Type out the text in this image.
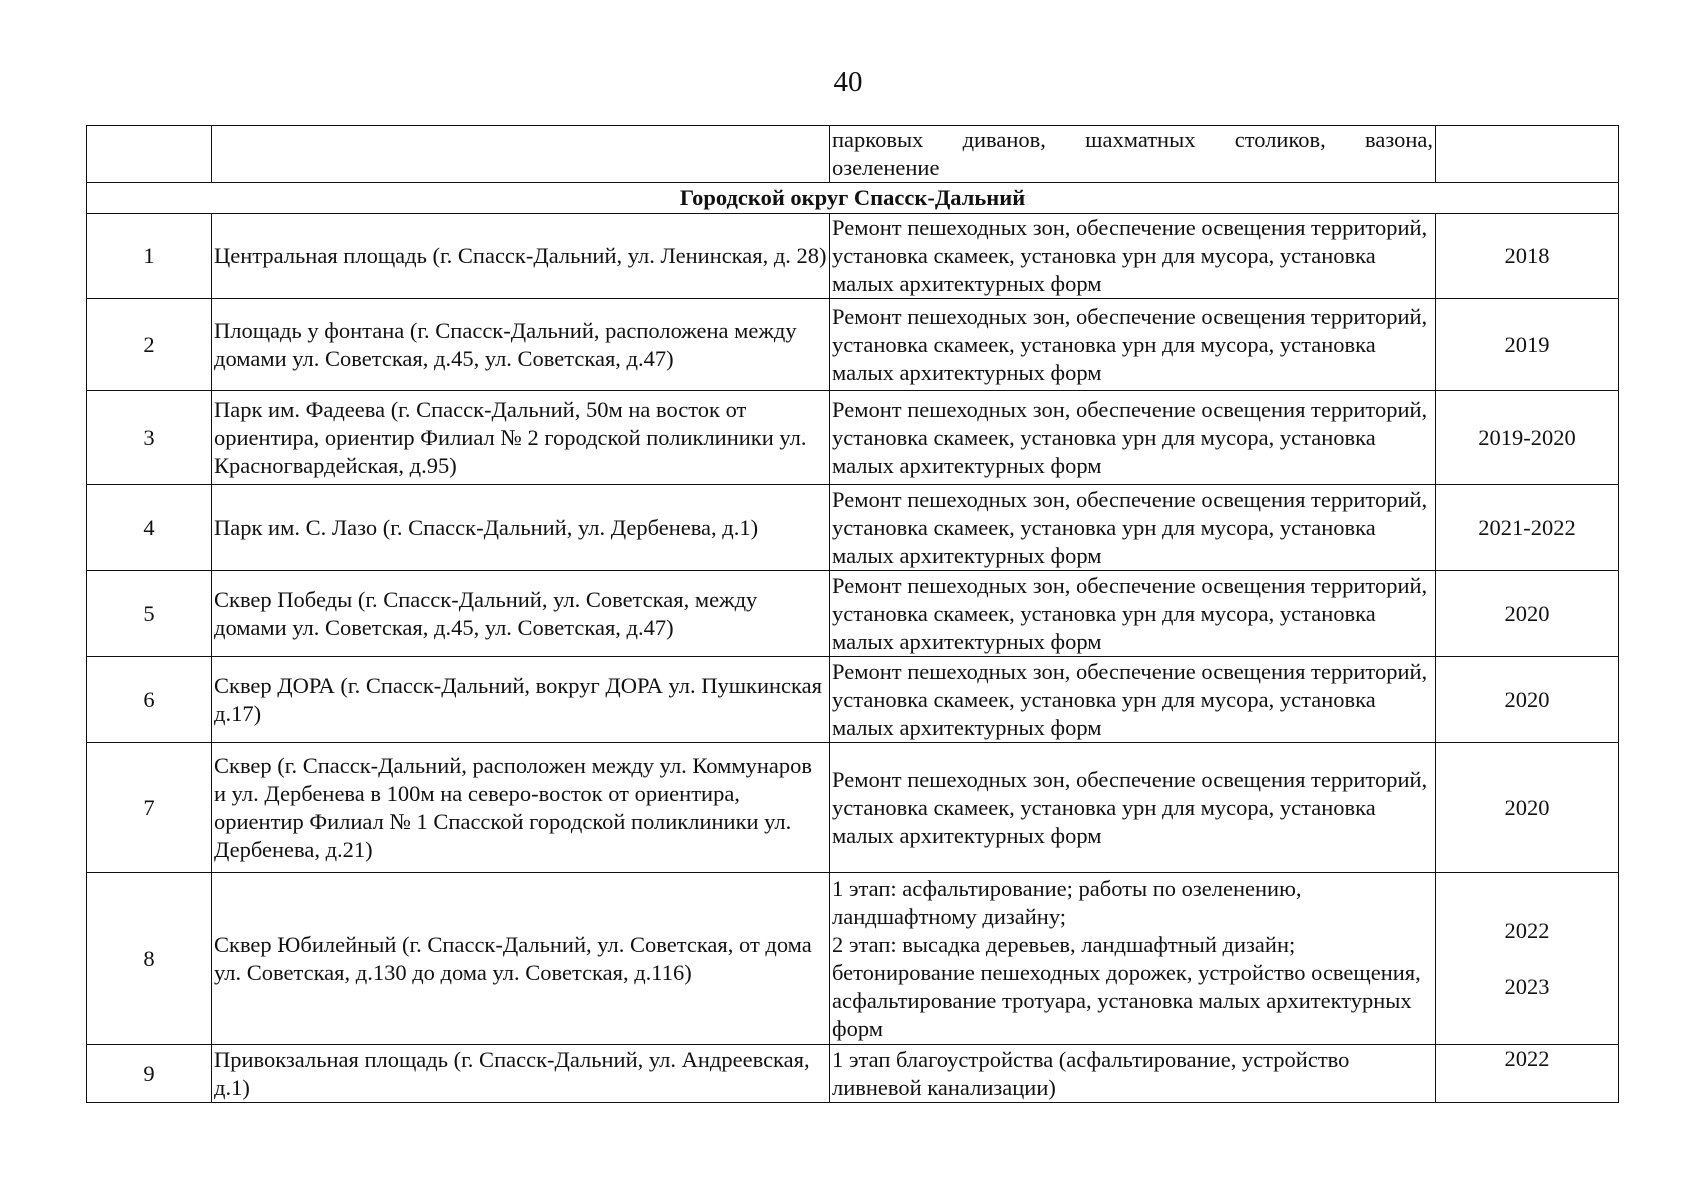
40

		парковых диванов, шахматных столиков, вазона,
озеленение	

Городской округ Спасск-Дальний			
1	Центральная площадь (г. Спасск-Дальний, ул. Ленинская, д. 28)	Ремонт пешеходных зон, обеспечение освещения территорий, установка скамеек, установка урн для мусора, установка малых архитектурных форм	2018
2	Площадь у фонтана (г. Спасск-Дальний, расположена между домами ул. Советская, д.45, ул. Советская, д.47)	Ремонт пешеходных зон, обеспечение освещения территорий, установка скамеек, установка урн для мусора, установка малых архитектурных форм	2019
3	Парк им. Фадеева (г. Спасск-Дальний, 50м на восток от ориентира, ориентир Филиал № 2 городской поликлиники ул. Красногвардейская, д.95)	Ремонт пешеходных зон, обеспечение освещения территорий, установка скамеек, установка урн для мусора, установка малых архитектурных форм	2019-2020
4	Парк им. С. Лазо (г. Спасск-Дальний, ул. Дербенева, д.1)	Ремонт пешеходных зон, обеспечение освещения территорий, установка скамеек, установка урн для мусора, установка малых архитектурных форм	2021-2022
5	Сквер Победы (г. Спасск-Дальний, ул. Советская, между домами ул. Советская, д.45, ул. Советская, д.47)	Ремонт пешеходных зон, обеспечение освещения территорий, установка скамеек, установка урн для мусора, установка малых архитектурных форм	2020
6	Сквер ДОРА (г. Спасск-Дальний, вокруг ДОРА ул. Пушкинская д.17)	Ремонт пешеходных зон, обеспечение освещения территорий, установка скамеек, установка урн для мусора, установка малых архитектурных форм	2020
7	Сквер (г. Спасск-Дальний, расположен между ул. Коммунаров и ул. Дербенева в 100м на северо-восток от ориентира, ориентир Филиал № 1 Спасской городской поликлиники ул. Дербенева, д.21)	Ремонт пешеходных зон, обеспечение освещения территорий, установка скамеек, установка урн для мусора, установка малых архитектурных форм	2020
8	Сквер Юбилейный (г. Спасск-Дальний, ул. Советская, от дома ул. Советская, д.130 до дома ул. Советская, д.116)	1 этап: асфальтирование; работы по озеленению, ландшафтному дизайну;
2 этап: высадка деревьев, ландшафтный дизайн; бетонирование пешеходных дорожек, устройство освещения, асфальтирование тротуара, установка малых архитектурных форм	2022
2023

9	Привокзальная площадь (г. Спасск-Дальний, ул. Андреевская, д.1)	1 этап благоустройства (асфальтирование, устройство ливневой канализации)	2022
